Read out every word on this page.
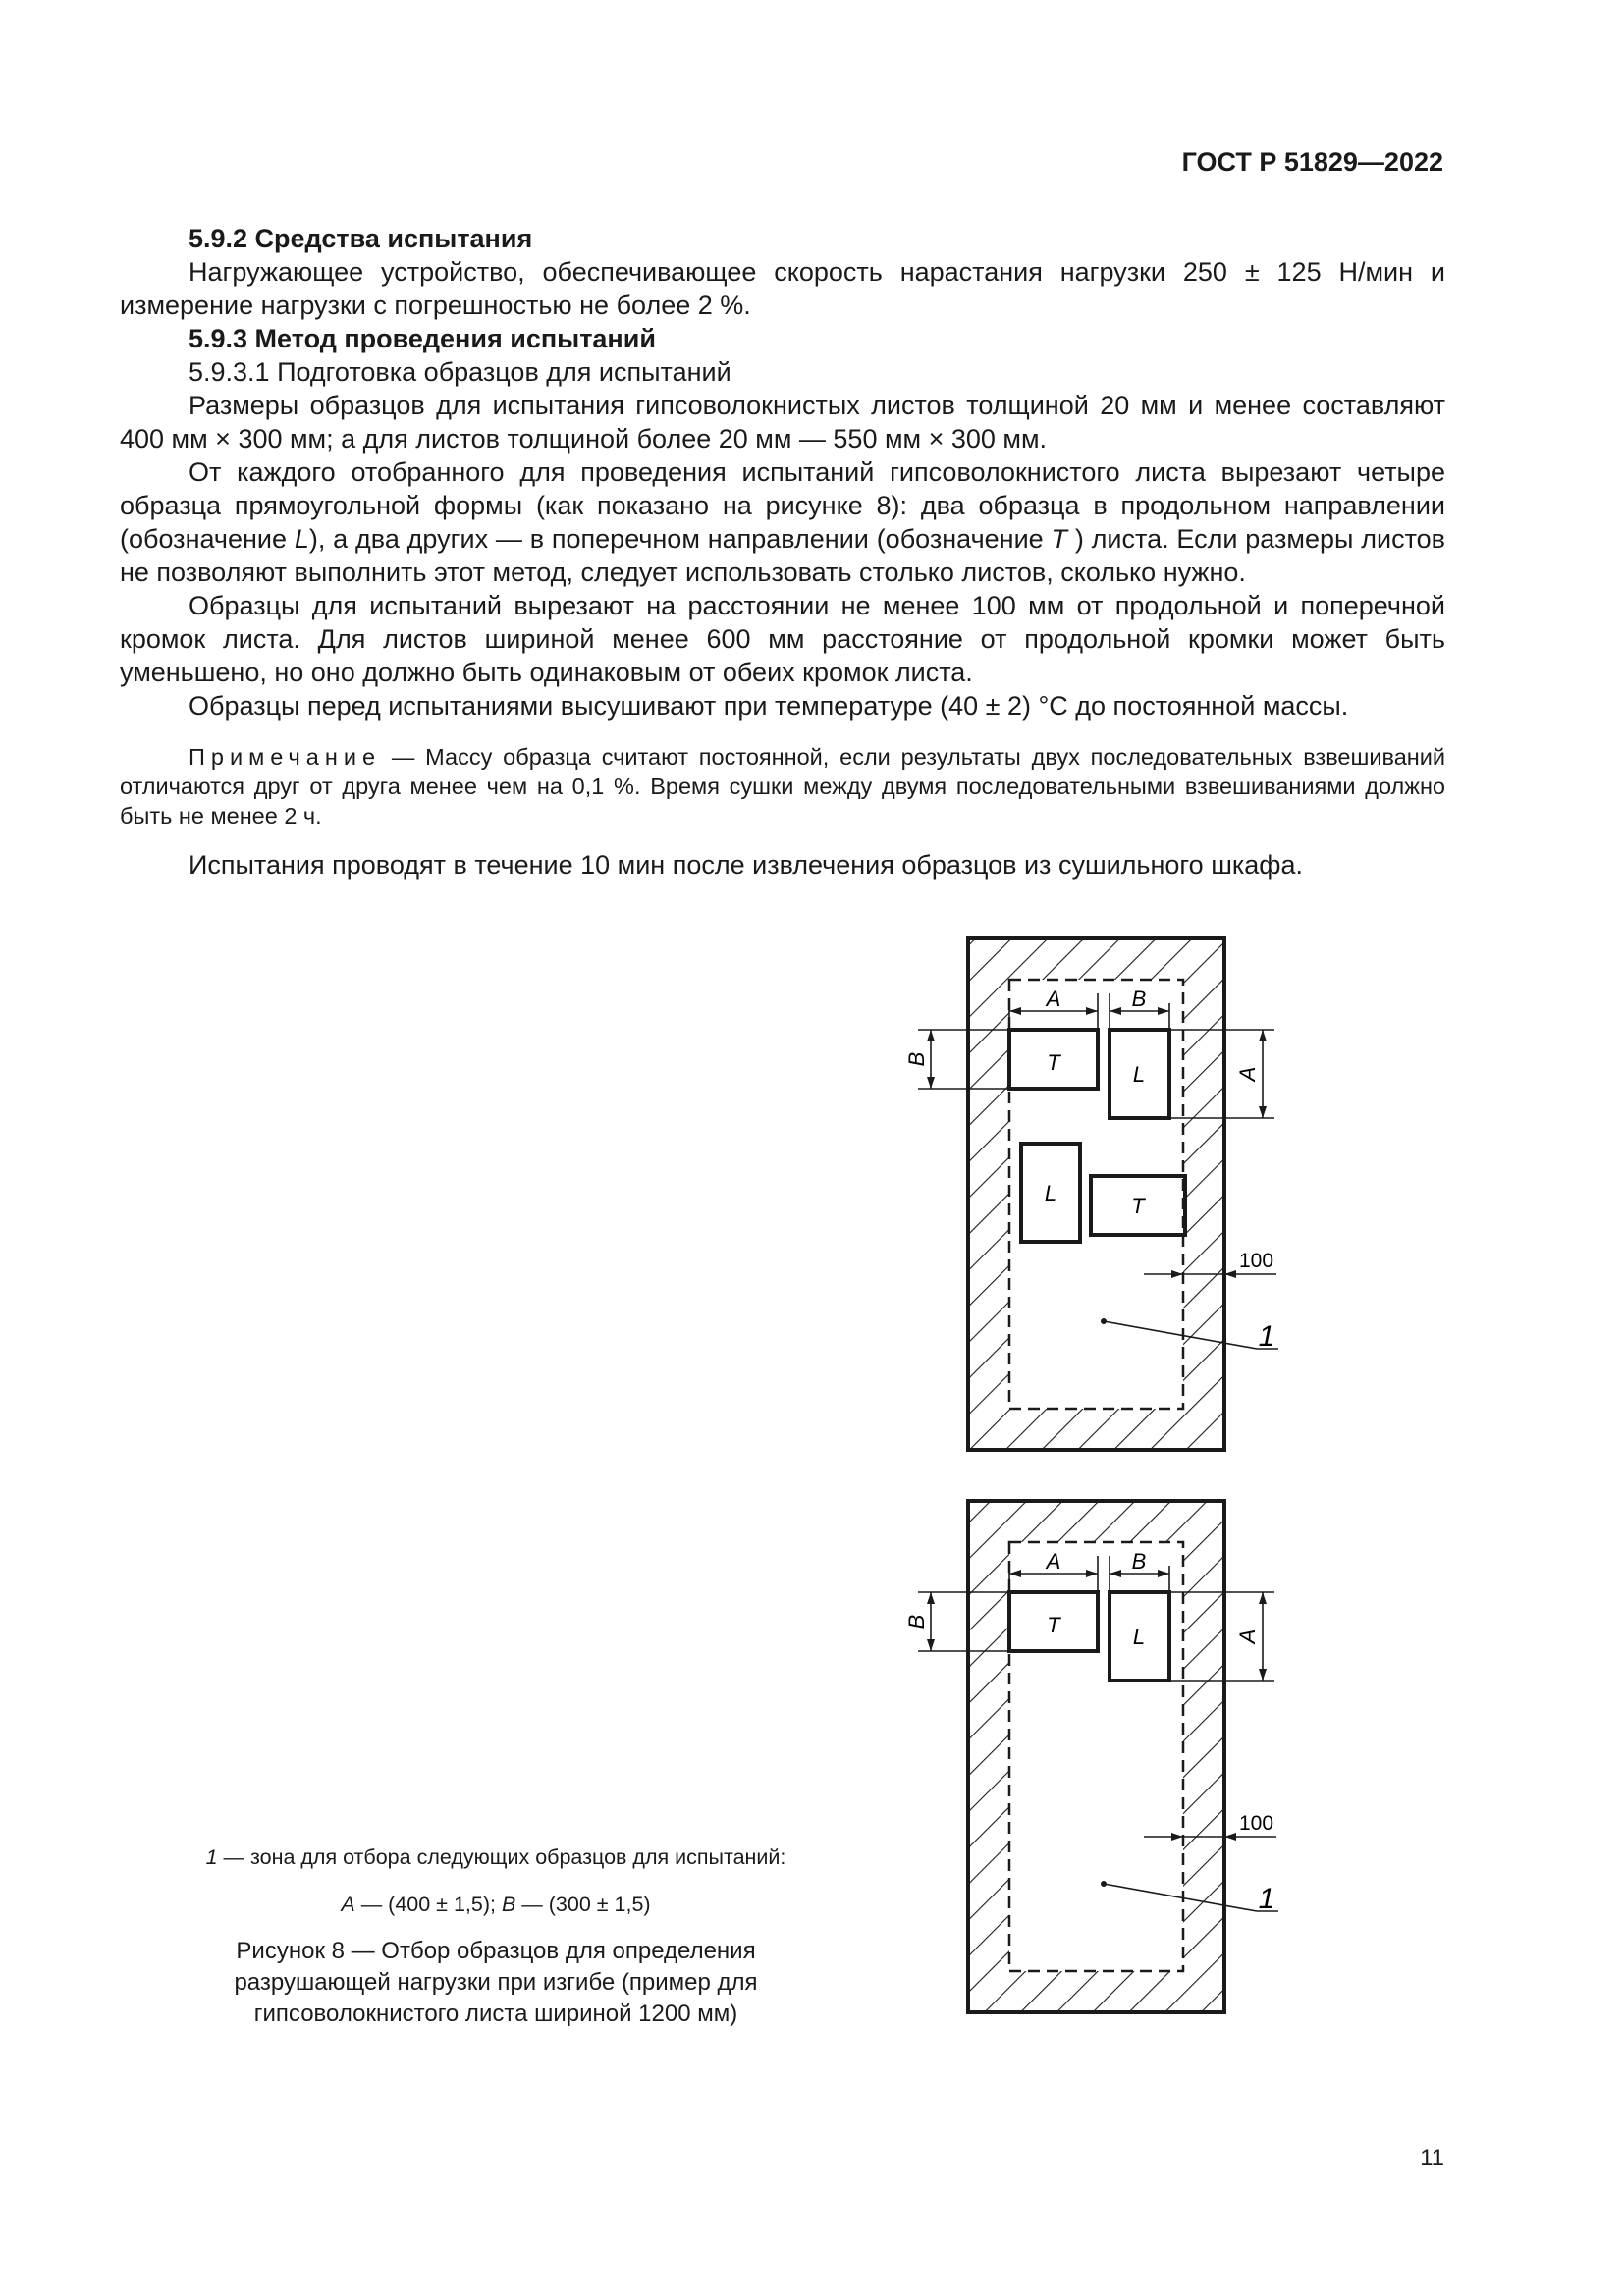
ГОСТ Р 51829—2022

5.9.2 Средства испытания

Нагружающее устройство, обеспечивающее скорость нарастания нагрузки 250 ± 125 Н/мин и измерение нагрузки с погрешностью не более 2 %.

5.9.3 Метод проведения испытаний

5.9.3.1 Подготовка образцов для испытаний

Размеры образцов для испытания гипсоволокнистых листов толщиной 20 мм и менее составляют 400 мм × 300 мм; а для листов толщиной более 20 мм — 550 мм × 300 мм.

От каждого отобранного для проведения испытаний гипсоволокнистого листа вырезают четыре образца прямоугольной формы (как показано на рисунке 8): два образца в продольном направлении (обозначение L), а два других — в поперечном направлении (обозначение T ) листа. Если размеры листов не позволяют выполнить этот метод, следует использовать столько листов, сколько нужно.

Образцы для испытаний вырезают на расстоянии не менее 100 мм от продольной и поперечной кромок листа. Для листов шириной менее 600 мм расстояние от продольной кромки может быть уменьшено, но оно должно быть одинаковым от обеих кромок листа.

Образцы перед испытаниями высушивают при температуре (40 ± 2) °С до постоянной массы.

Примечание — Массу образца считают постоянной, если результаты двух последовательных взвешиваний отличаются друг от друга менее чем на 0,1 %. Время сушки между двумя последовательными взвешиваниями должно быть не менее 2 ч.

Испытания проводят в течение 10 мин после извлечения образцов из сушильного шкафа.

T	L
L
T
A	B
B
A
100
1
T	L
A	B
B
A
100
1

1 — зона для отбора следующих образцов для испытаний:

A — (400 ± 1,5); B — (300 ± 1,5)

Рисунок 8 — Отбор образцов для определения разрушающей нагрузки при изгибе (пример для гипсоволокнистого листа шириной 1200 мм)

11
